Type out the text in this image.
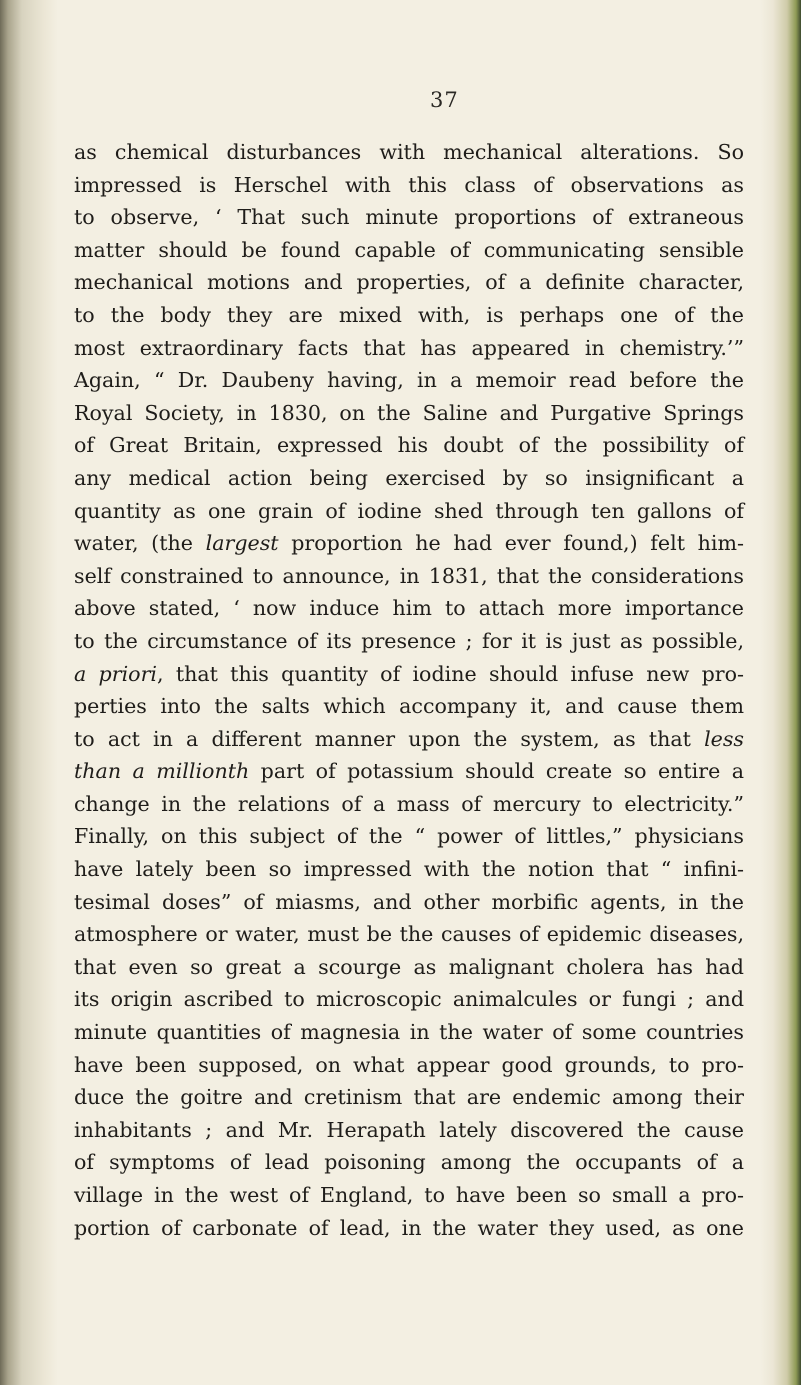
37
as chemical disturbances with mechanical alterations. So
impressed is Herschel with this class of observations as
to observe, ‘ That such minute proportions of extraneous
matter should be found capable of communicating sensible
mechanical motions and properties, of a definite character,
to the body they are mixed with, is perhaps one of the
most extraordinary facts that has appeared in chemistry.’”
Again, “ Dr. Daubeny having, in a memoir read before the
Royal Society, in 1830, on the Saline and Purgative Springs
of Great Britain, expressed his doubt of the possibility of
any medical action being exercised by so insignificant a
quantity as one grain of iodine shed through ten gallons of
water, (the largest proportion he had ever found,) felt him-
self constrained to announce, in 1831, that the considerations
above stated, ‘ now induce him to attach more importance
to the circumstance of its presence ; for it is just as possible,
a priori, that this quantity of iodine should infuse new pro-
perties into the salts which accompany it, and cause them
to act in a different manner upon the system, as that less
than a millionth part of potassium should create so entire a
change in the relations of a mass of mercury to electricity.”
Finally, on this subject of the “ power of littles,” physicians
have lately been so impressed with the notion that “ infini-
tesimal doses” of miasms, and other morbific agents, in the
atmosphere or water, must be the causes of epidemic diseases,
that even so great a scourge as malignant cholera has had
its origin ascribed to microscopic animalcules or fungi ; and
minute quantities of magnesia in the water of some countries
have been supposed, on what appear good grounds, to pro-
duce the goitre and cretinism that are endemic among their
inhabitants ; and Mr. Herapath lately discovered the cause
of symptoms of lead poisoning among the occupants of a
village in the west of England, to have been so small a pro-
portion of carbonate of lead, in the water they used, as one
